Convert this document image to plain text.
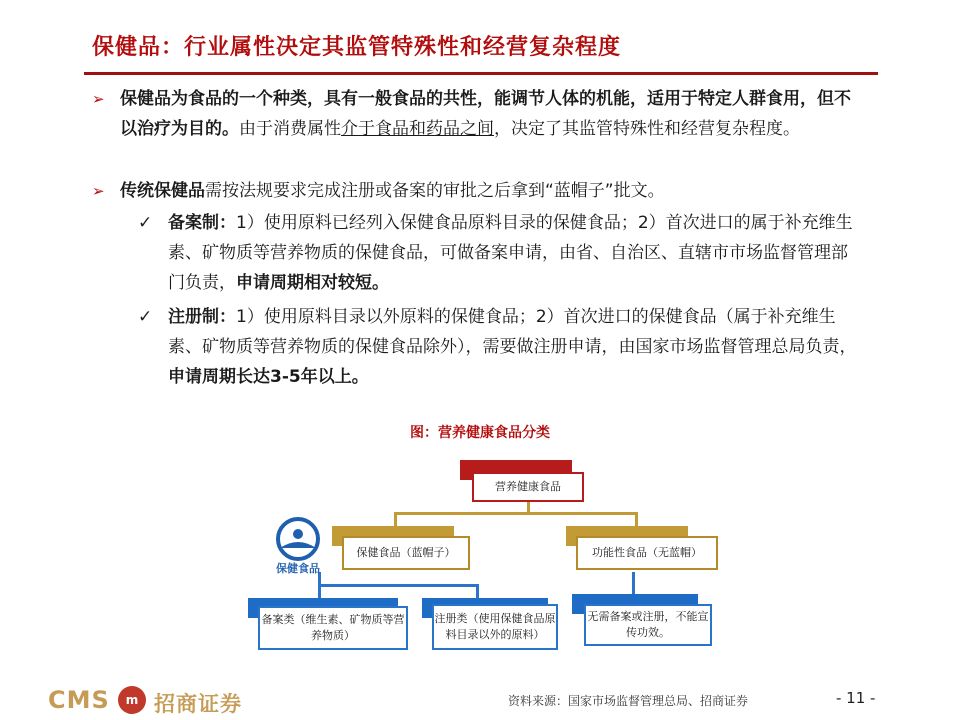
保健品：行业属性决定其监管特殊性和经营复杂程度
➢ 保健品为食品的一个种类，具有一般食品的共性，能调节人体的机能，适用于特定人群食用，但不以治疗为目的。由于消费属性介于食品和药品之间，决定了其监管特殊性和经营复杂程度。
➢ 传统保健品需按法规要求完成注册或备案的审批之后拿到“蓝帽子”批文。
✓ 备案制：1）使用原料已经列入保健食品原料目录的保健食品；2）首次进口的属于补充维生素、矿物质等营养物质的保健食品，可做备案申请，由省、自治区、直辖市市场监督管理部门负责，申请周期相对较短。
✓ 注册制：1）使用原料目录以外原料的保健食品；2）首次进口的保健食品（属于补充维生素、矿物质等营养物质的保健食品除外），需要做注册申请，由国家市场监督管理总局负责，申请周期长达3-5年以上。
图：营养健康食品分类
营养健康食品
保健食品（蓝帽子）	功能性食品（无蓝帽）
备案类（维生素、矿物质等营养物质）
注册类（使用保健食品原料目录以外的原料）
无需备案或注册，不能宣传功效。
保健食品
CMS	m 招商证券	资料来源：国家市场监督管理总局、招商证券	- 11 -
